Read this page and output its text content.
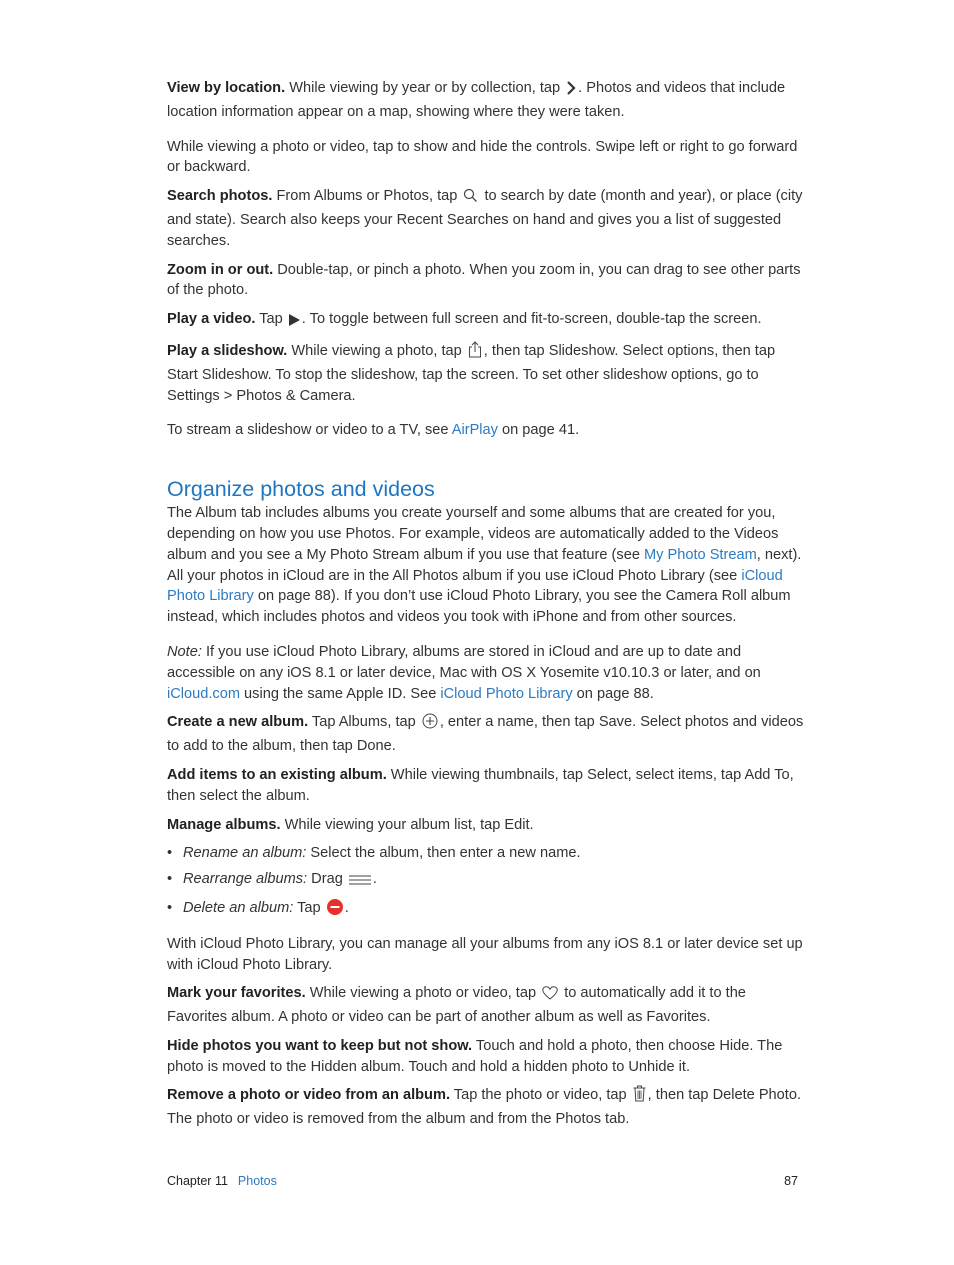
View by location. While viewing by year or by collection, tap . Photos and videos that include location information appear on a map, showing where they were taken.

While viewing a photo or video, tap to show and hide the controls. Swipe left or right to go forward or backward.

Search photos. From Albums or Photos, tap  to search by date (month and year), or place (city and state). Search also keeps your Recent Searches on hand and gives you a list of suggested searches.

Zoom in or out. Double-tap, or pinch a photo. When you zoom in, you can drag to see other parts of the photo.

Play a video. Tap . To toggle between full screen and fit-to-screen, double-tap the screen.

Play a slideshow. While viewing a photo, tap , then tap Slideshow. Select options, then tap Start Slideshow. To stop the slideshow, tap the screen. To set other slideshow options, go to Settings > Photos & Camera.

To stream a slideshow or video to a TV, see AirPlay on page 41.

Organize photos and videos

The Album tab includes albums you create yourself and some albums that are created for you, depending on how you use Photos. For example, videos are automatically added to the Videos album and you see a My Photo Stream album if you use that feature (see My Photo Stream, next). All your photos in iCloud are in the All Photos album if you use iCloud Photo Library (see iCloud Photo Library on page 88). If you don’t use iCloud Photo Library, you see the Camera Roll album instead, which includes photos and videos you took with iPhone and from other sources.

Note: If you use iCloud Photo Library, albums are stored in iCloud and are up to date and accessible on any iOS 8.1 or later device, Mac with OS X Yosemite v10.10.3 or later, and on iCloud.com using the same Apple ID. See iCloud Photo Library on page 88.

Create a new album. Tap Albums, tap , enter a name, then tap Save. Select photos and videos to add to the album, then tap Done.

Add items to an existing album. While viewing thumbnails, tap Select, select items, tap Add To, then select the album.

Manage albums. While viewing your album list, tap Edit.

• Rename an album: Select the album, then enter a new name.
• Rearrange albums: Drag .
• Delete an album: Tap .

With iCloud Photo Library, you can manage all your albums from any iOS 8.1 or later device set up with iCloud Photo Library.

Mark your favorites. While viewing a photo or video, tap  to automatically add it to the Favorites album. A photo or video can be part of another album as well as Favorites.

Hide photos you want to keep but not show. Touch and hold a photo, then choose Hide. The photo is moved to the Hidden album. Touch and hold a hidden photo to Unhide it.

Remove a photo or video from an album. Tap the photo or video, tap , then tap Delete Photo. The photo or video is removed from the album and from the Photos tab.

Chapter 11 Photos	87
